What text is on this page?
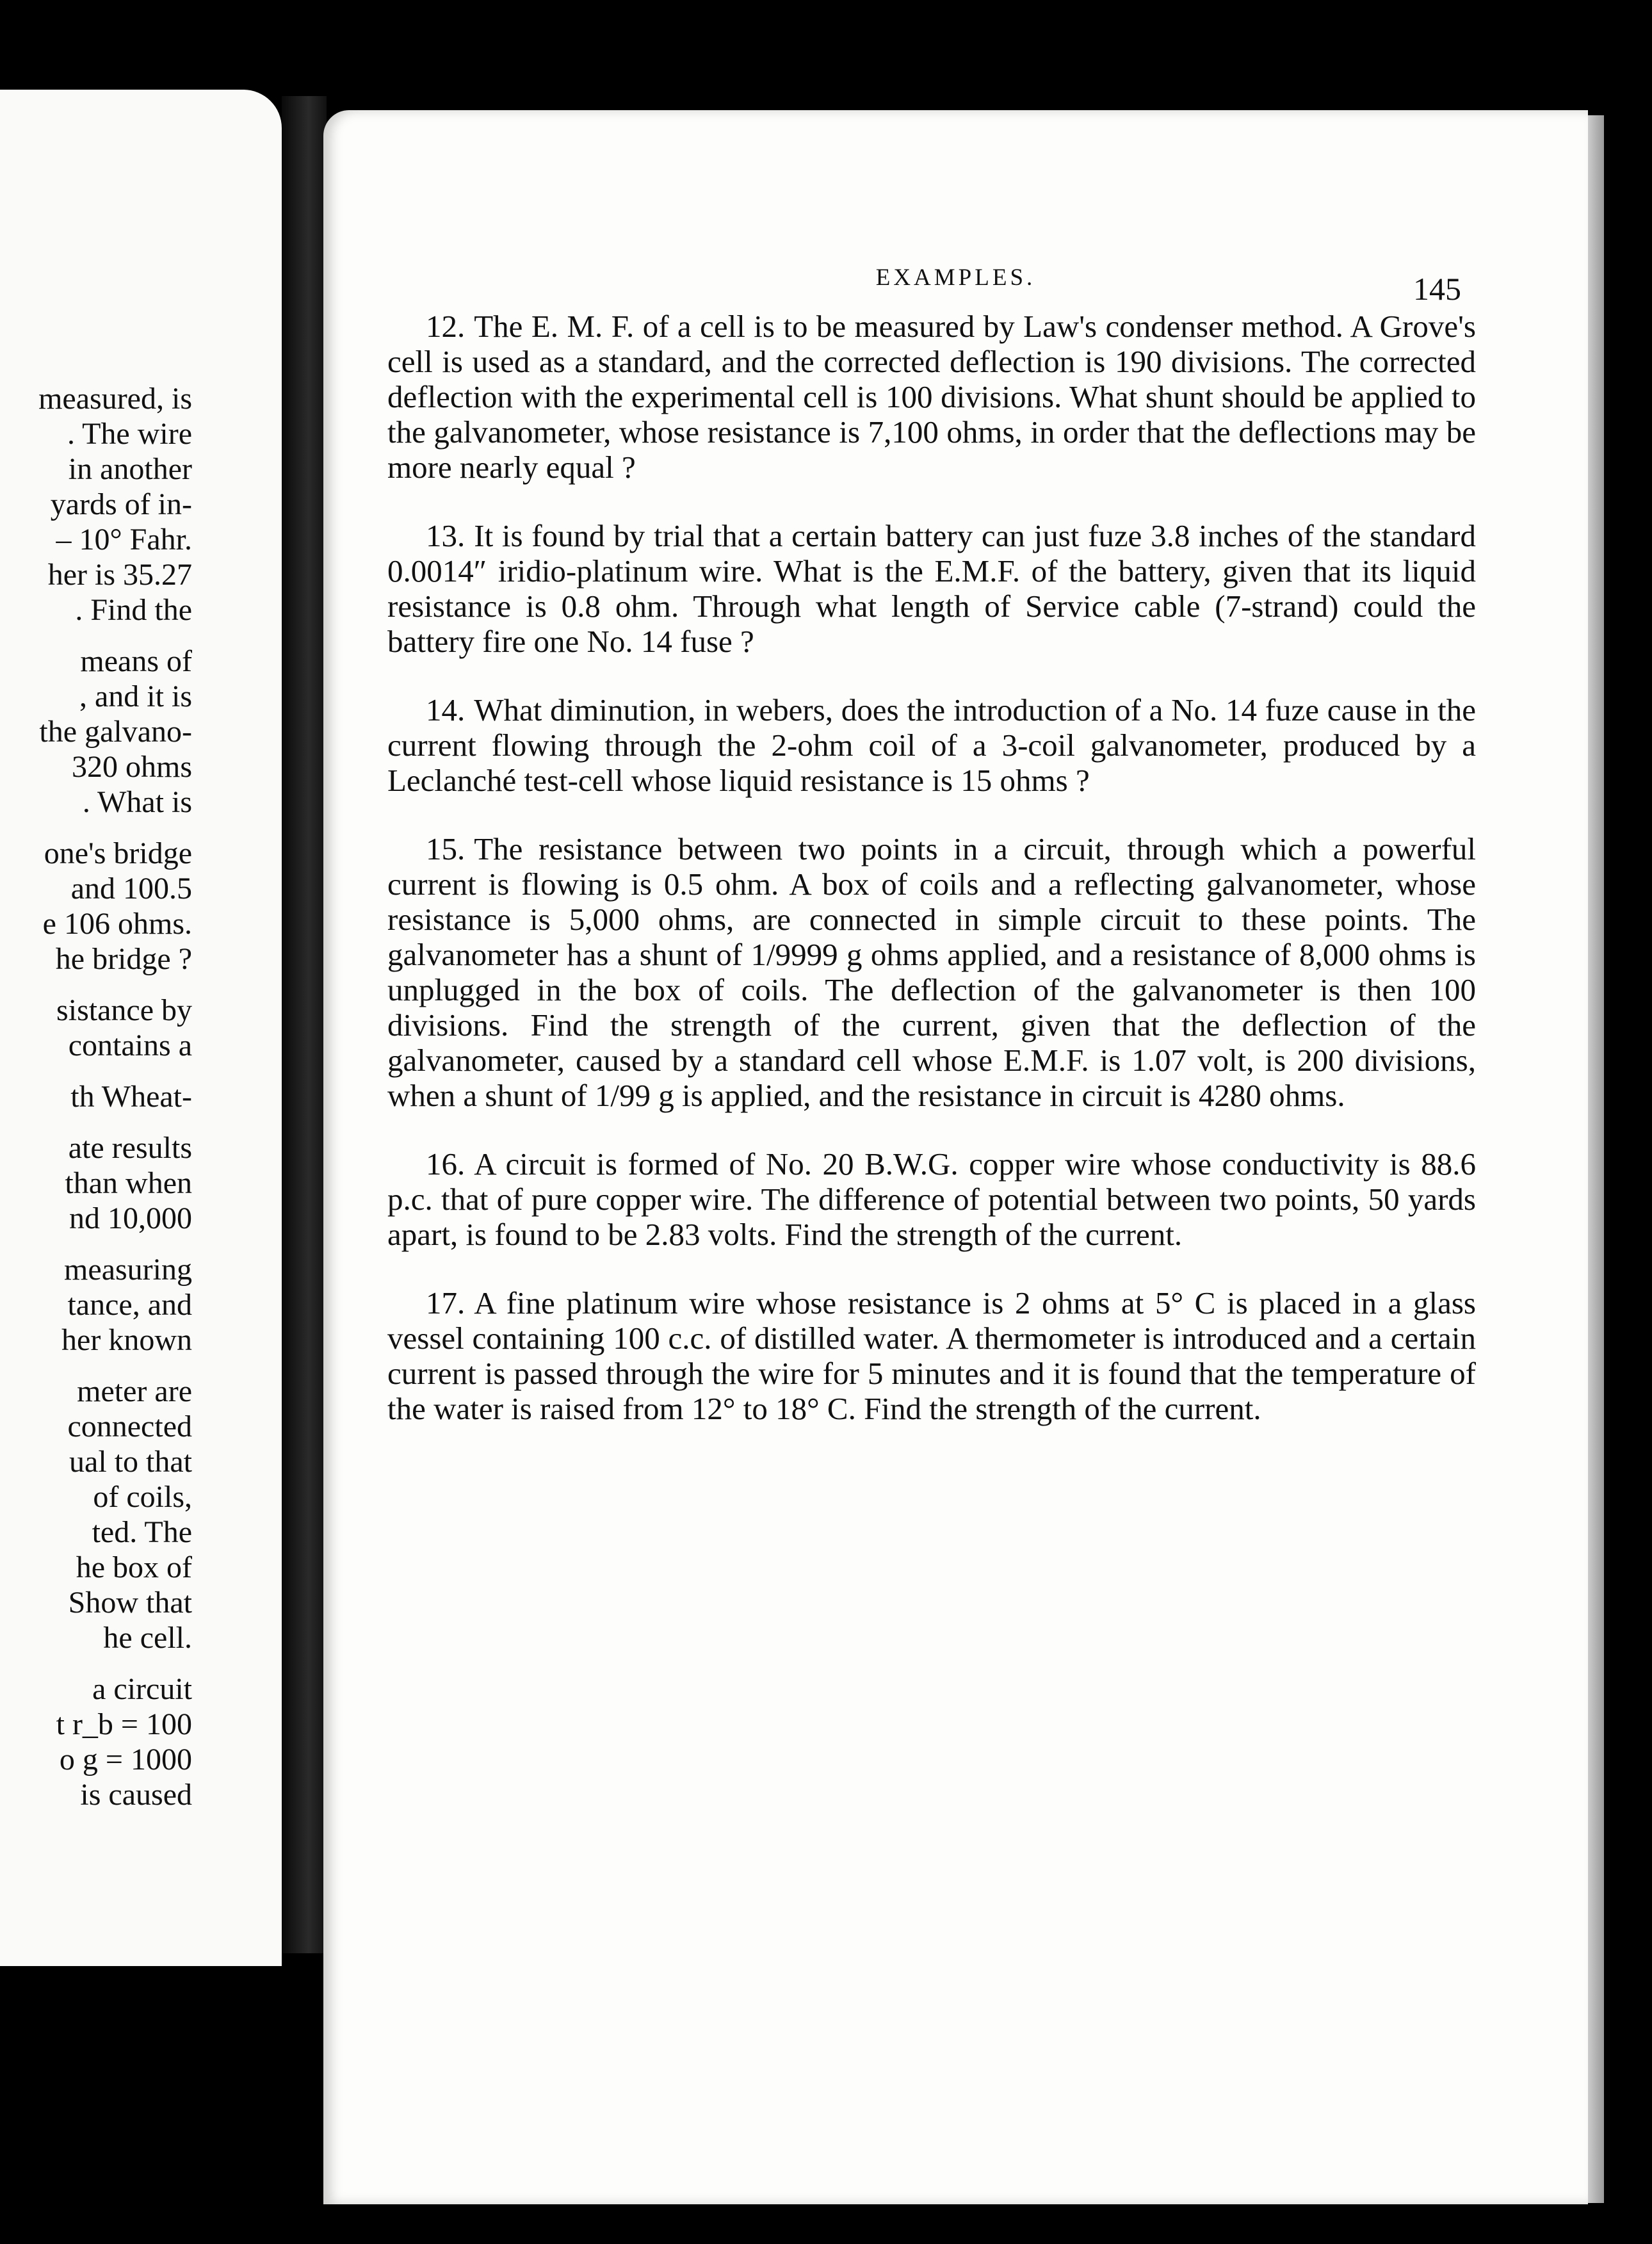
measured, is
. The wire
in another
yards of in-
– 10° Fahr.
her is 35.27
. Find the
means of
, and it is
the galvano-
320 ohms
. What is
one's bridge
and 100.5
e 106 ohms.
he bridge ?
sistance by
contains a
th Wheat-
ate results
than when
nd 10,000
measuring
tance, and
her known
meter are
connected
ual to that
of coils,
ted. The
he box of
Show that
he cell.
a circuit
t r_b = 100
o g = 1000
is caused
EXAMPLES.	145

12. The E. M. F. of a cell is to be measured by Law's condenser method. A Grove's cell is used as a standard, and the corrected deflection is 190 divisions. The corrected deflection with the experimental cell is 100 divisions. What shunt should be applied to the galvanometer, whose resistance is 7,100 ohms, in order that the deflections may be more nearly equal ?

13. It is found by trial that a certain battery can just fuze 3.8 inches of the standard 0.0014″ iridio-platinum wire. What is the E.M.F. of the battery, given that its liquid resistance is 0.8 ohm. Through what length of Service cable (7-strand) could the battery fire one No. 14 fuse ?

14. What diminution, in webers, does the introduction of a No. 14 fuze cause in the current flowing through the 2-ohm coil of a 3-coil galvanometer, produced by a Leclanché test-cell whose liquid resistance is 15 ohms ?

15. The resistance between two points in a circuit, through which a powerful current is flowing is 0.5 ohm. A box of coils and a reflecting galvanometer, whose resistance is 5,000 ohms, are connected in simple circuit to these points. The galvanometer has a shunt of 1/9999 g ohms applied, and a resistance of 8,000 ohms is unplugged in the box of coils. The deflection of the galvanometer is then 100 divisions. Find the strength of the current, given that the deflection of the galvanometer, caused by a standard cell whose E.M.F. is 1.07 volt, is 200 divisions, when a shunt of 1/99 g is applied, and the resistance in circuit is 4280 ohms.

16. A circuit is formed of No. 20 B.W.G. copper wire whose conductivity is 88.6 p.c. that of pure copper wire. The difference of potential between two points, 50 yards apart, is found to be 2.83 volts. Find the strength of the current.

17. A fine platinum wire whose resistance is 2 ohms at 5° C is placed in a glass vessel containing 100 c.c. of distilled water. A thermometer is introduced and a certain current is passed through the wire for 5 minutes and it is found that the temperature of the water is raised from 12° to 18° C. Find the strength of the current.
